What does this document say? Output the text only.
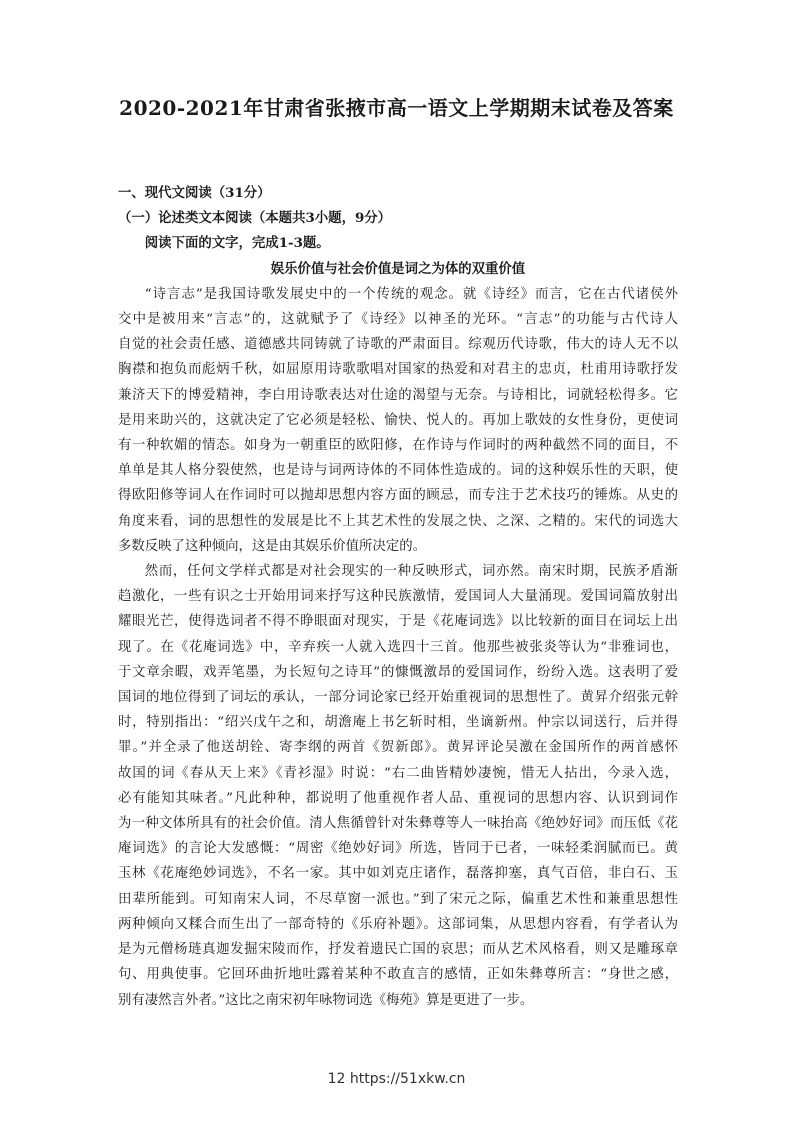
2020-2021年甘肃省张掖市高一语文上学期期末试卷及答案

一、现代文阅读（31分）

（一）论述类文本阅读（本题共3小题，9分）

阅读下面的文字，完成1-3题。

娱乐价值与社会价值是词之为体的双重价值

“诗言志”是我国诗歌发展史中的一个传统的观念。就《诗经》而言，它在古代诸侯外

交中是被用来“言志”的，这就赋予了《诗经》以神圣的光环。“言志”的功能与古代诗人

自觉的社会责任感、道德感共同铸就了诗歌的严肃面目。综观历代诗歌，伟大的诗人无不以

胸襟和抱负而彪炳千秋，如屈原用诗歌歌唱对国家的热爱和对君主的忠贞，杜甫用诗歌抒发

兼济天下的博爱精神，李白用诗歌表达对仕途的渴望与无奈。与诗相比，词就轻松得多。它

是用来助兴的，这就决定了它必须是轻松、愉快、悦人的。再加上歌妓的女性身份，更使词

有一种软媚的情态。如身为一朝重臣的欧阳修，在作诗与作词时的两种截然不同的面目，不

单单是其人格分裂使然，也是诗与词两诗体的不同体性造成的。词的这种娱乐性的天职，使

得欧阳修等词人在作词时可以抛却思想内容方面的顾忌，而专注于艺术技巧的锤炼。从史的

角度来看，词的思想性的发展是比不上其艺术性的发展之快、之深、之精的。宋代的词选大

多数反映了这种倾向，这是由其娱乐价值所决定的。

然而，任何文学样式都是对社会现实的一种反映形式，词亦然。南宋时期，民族矛盾渐

趋激化，一些有识之士开始用词来抒写这种民族激情，爱国词人大量涌现。爱国词篇放射出

耀眼光芒，使得选词者不得不睁眼面对现实，于是《花庵词选》以比较新的面目在词坛上出

现了。在《花庵词选》中，辛弃疾一人就入选四十三首。他那些被张炎等认为“非雅词也，

于文章余暇，戏弄笔墨，为长短句之诗耳”的慷慨激昂的爱国词作，纷纷入选。这表明了爱

国词的地位得到了词坛的承认，一部分词论家已经开始重视词的思想性了。黄昇介绍张元幹

时，特别指出：“绍兴戊午之和，胡澹庵上书乞斩时相，坐谪新州。仲宗以词送行，后并得

罪。”并全录了他送胡铨、寄李纲的两首《贺新郎》。黄昇评论吴激在金国所作的两首感怀

故国的词《春从天上来》《青衫湿》时说：“右二曲皆精妙凄惋，惜无人拈出，今录入选，

必有能知其味者。”凡此种种，都说明了他重视作者人品、重视词的思想内容、认识到词作

为一种文体所具有的社会价值。清人焦循曾针对朱彝尊等人一味抬高《绝妙好词》而压低《花

庵词选》的言论大发感慨：“周密《绝妙好词》所选，皆同于已者，一味轻柔润腻而已。黄

玉林《花庵绝妙词选》，不名一家。其中如刘克庄诸作，磊落抑塞，真气百倍，非白石、玉

田辈所能到。可知南宋人词，不尽草窗一派也。”到了宋元之际，偏重艺术性和兼重思想性

两种倾向又糅合而生出了一部奇特的《乐府补题》。这部词集，从思想内容看，有学者认为

是为元僧杨琏真迦发掘宋陵而作，抒发着遗民亡国的哀思；而从艺术风格看，则又是雕琢章

句、用典使事。它回环曲折地吐露着某种不敢直言的感情，正如朱彝尊所言：“身世之感，

别有凄然言外者。”这比之南宋初年咏物词选《梅苑》算是更进了一步。

12 https://51xkw.cn
